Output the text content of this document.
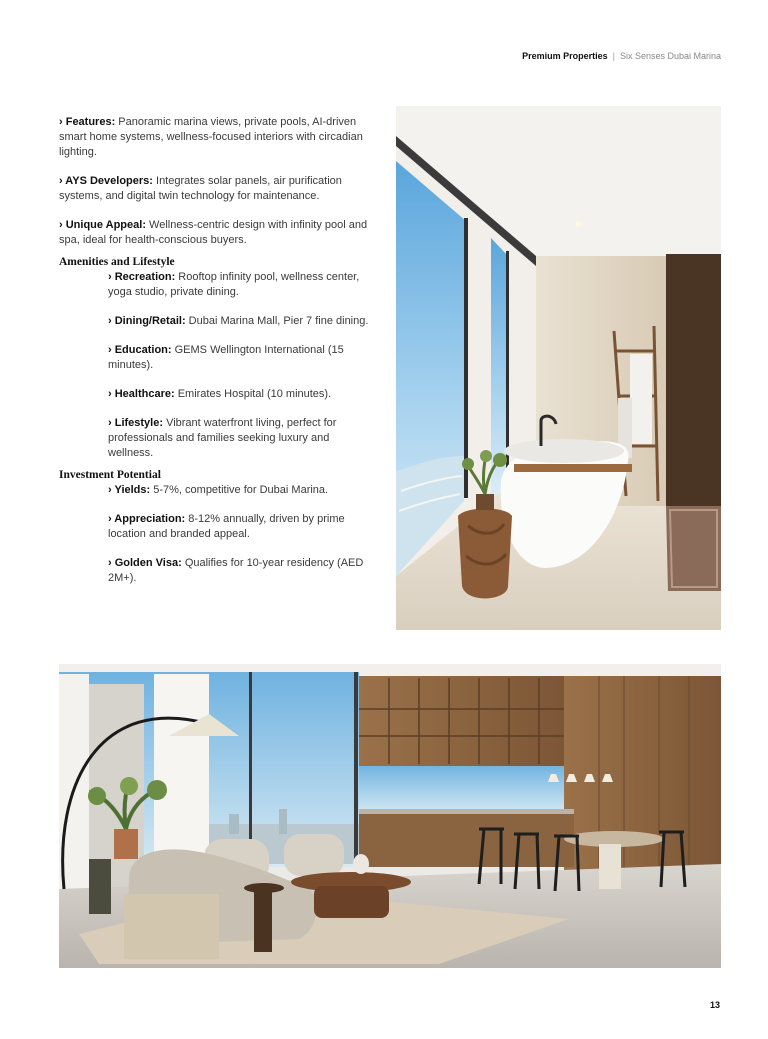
Premium Properties | Six Senses Dubai Marina

› Features: Panoramic marina views, private pools, AI-driven smart home systems, wellness-focused interiors with circadian lighting.

› AYS Developers: Integrates solar panels, air purification systems, and digital twin technology for maintenance.

› Unique Appeal: Wellness-centric design with infinity pool and spa, ideal for health-conscious buyers.

Amenities and Lifestyle

› Recreation: Rooftop infinity pool, wellness center, yoga studio, private dining.

› Dining/Retail: Dubai Marina Mall, Pier 7 fine dining.

› Education: GEMS Wellington International (15 minutes).

› Healthcare: Emirates Hospital (10 minutes).

› Lifestyle: Vibrant waterfront living, perfect for professionals and families seeking luxury and wellness.

Investment Potential

› Yields: 5-7%, competitive for Dubai Marina.

› Appreciation: 8-12% annually, driven by prime location and branded appeal.

› Golden Visa: Qualifies for 10-year residency (AED 2M+).

13
